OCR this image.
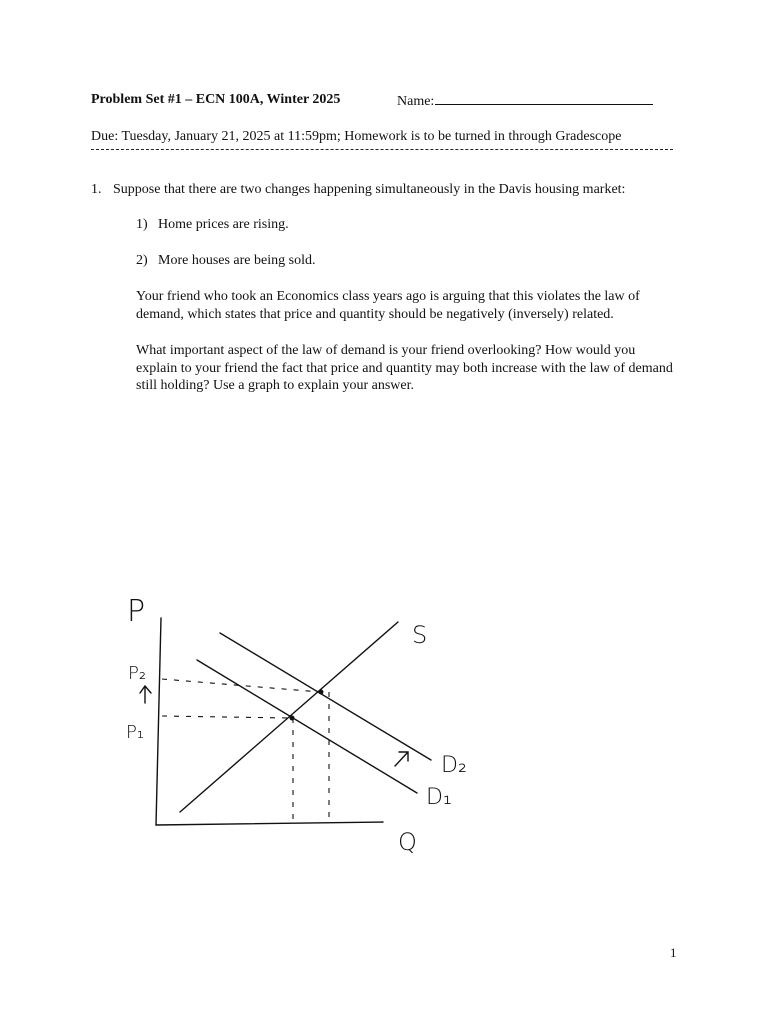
Problem Set #1 – ECN 100A, Winter 2025	Name:
Due: Tuesday, January 21, 2025 at 11:59pm; Homework is to be turned in through Gradescope
1. Suppose that there are two changes happening simultaneously in the Davis housing market:
1) Home prices are rising.
2) More houses are being sold.
Your friend who took an Economics class years ago is arguing that this violates the law of demand, which states that price and quantity should be negatively (inversely) related.
What important aspect of the law of demand is your friend overlooking? How would you explain to your friend the fact that price and quantity may both increase with the law of demand still holding? Use a graph to explain your answer.
P
Q
S
D₂
D₁
P₂
P₁
1
